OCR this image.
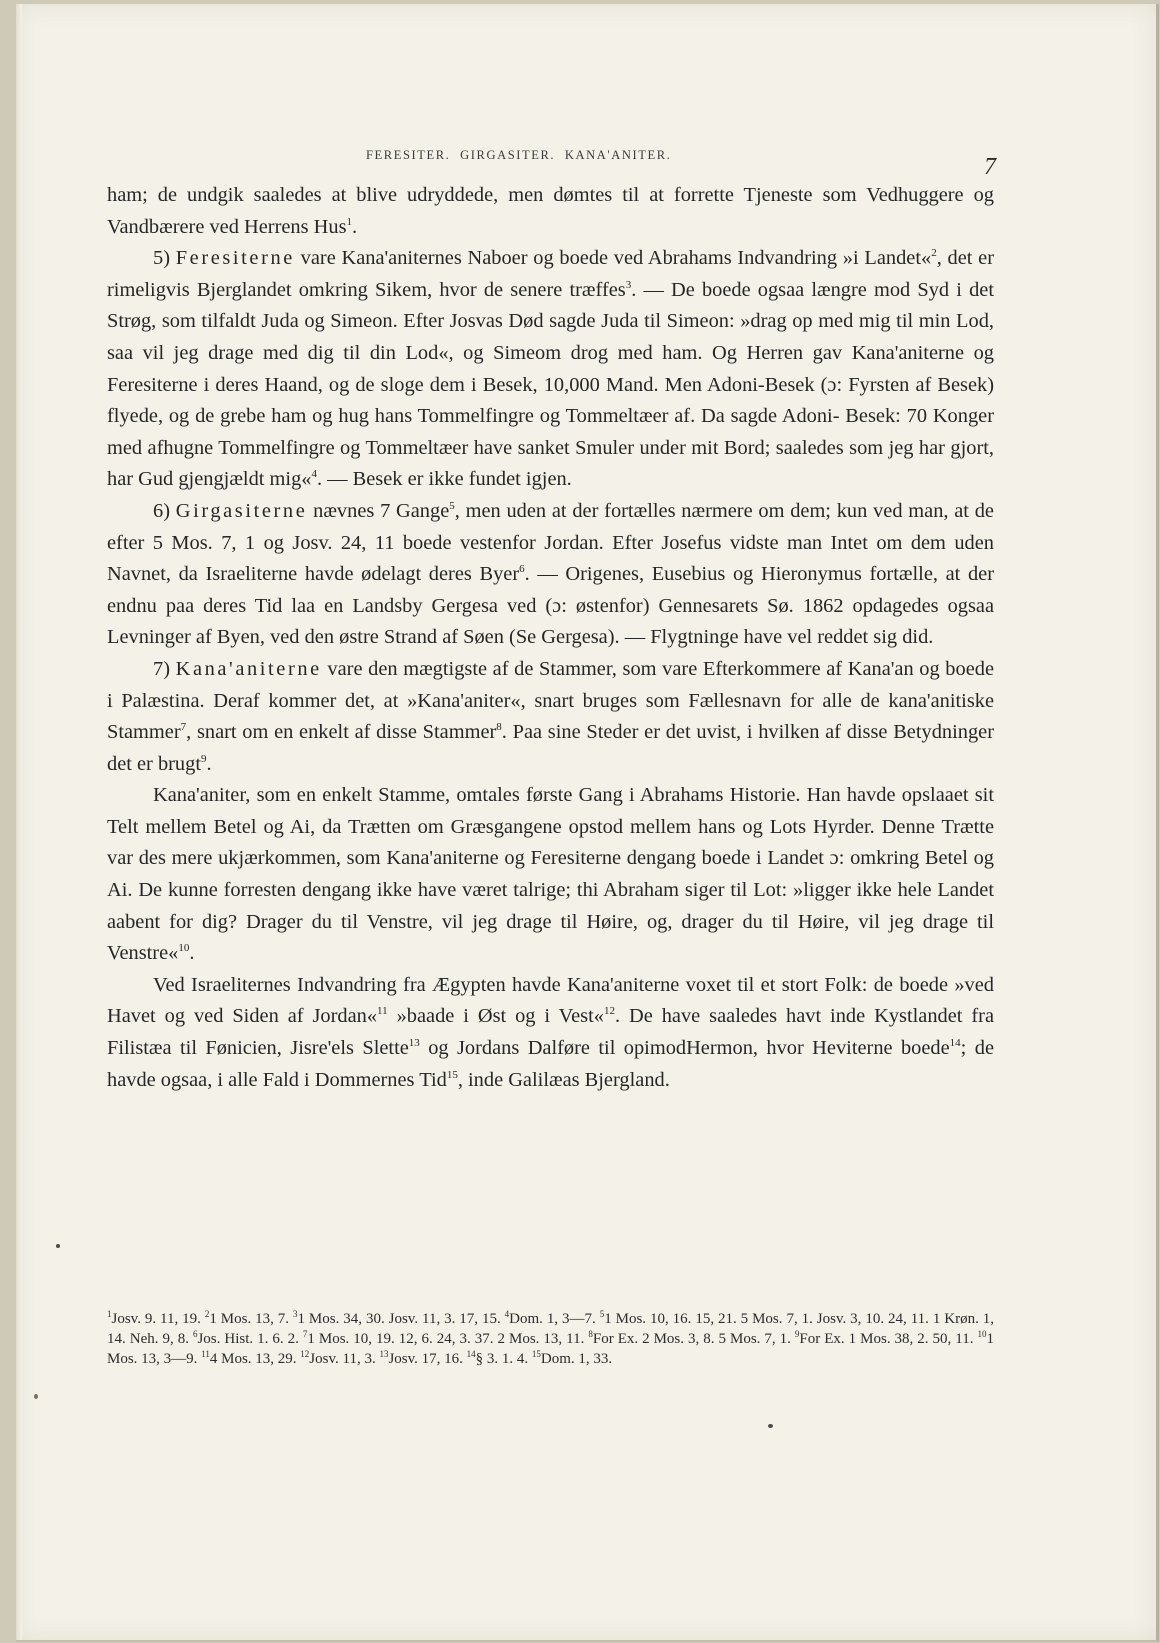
FERESITER. GIRGASITER. KANA'ANITER.	7

ham; de undgik saaledes at blive udryddede, men dømtes til at forrette Tjeneste som Vedhuggere og Vandbærere ved Herrens Hus$^1$.

5) Feresiterne vare Kana'aniternes Naboer og boede ved Abrahams Indvandring »i Landet«$^2$, det er rimeligvis Bjerglandet omkring Sikem, hvor de senere træffes$^3$. — De boede ogsaa længre mod Syd i det Strøg, som tilfaldt Juda og Simeon. Efter Josvas Død sagde Juda til Simeon: »drag op med mig til min Lod, saa vil jeg drage med dig til din Lod«, og Simeom drog med ham. Og Herren gav Kana'aniterne og Feresiterne i deres Haand, og de sloge dem i Besek, 10,000 Mand. Men Adoni-Besek (ɔ: Fyrsten af Besek) flyede, og de grebe ham og hug hans Tommelfingre og Tommeltæer af. Da sagde Adoni- Besek: 70 Konger med afhugne Tommelfingre og Tommeltæer have sanket Smuler under mit Bord; saaledes som jeg har gjort, har Gud gjengjældt mig«$^4$. — Besek er ikke fundet igjen.

6) Girgasiterne nævnes 7 Gange$^5$, men uden at der fortælles nærmere om dem; kun ved man, at de efter 5 Mos. 7, 1 og Josv. 24, 11 boede vestenfor Jordan. Efter Josefus vidste man Intet om dem uden Navnet, da Israeliterne havde ødelagt deres Byer$^6$. — Origenes, Eusebius og Hieronymus fortælle, at der endnu paa deres Tid laa en Landsby Gergesa ved (ɔ: østenfor) Gennesarets Sø. 1862 opdagedes ogsaa Levninger af Byen, ved den østre Strand af Søen (Se Gergesa). — Flygtninge have vel reddet sig did.

7) Kana'aniterne vare den mægtigste af de Stammer, som vare Efterkommere af Kana'an og boede i Palæstina. Deraf kommer det, at »Kana'aniter«, snart bruges som Fællesnavn for alle de kana'anitiske Stammer$^7$, snart om en enkelt af disse Stammer$^8$. Paa sine Steder er det uvist, i hvilken af disse Betydninger det er brugt$^9$.

Kana'aniter, som en enkelt Stamme, omtales første Gang i Abrahams Historie. Han havde opslaaet sit Telt mellem Betel og Ai, da Trætten om Græsgangene opstod mellem hans og Lots Hyrder. Denne Trætte var des mere ukjærkommen, som Kana'aniterne og Feresiterne dengang boede i Landet ɔ: omkring Betel og Ai. De kunne forresten dengang ikke have været talrige; thi Abraham siger til Lot: »ligger ikke hele Landet aabent for dig? Drager du til Venstre, vil jeg drage til Høire, og, drager du til Høire, vil jeg drage til Venstre«$^{10}$.

Ved Israeliternes Indvandring fra Ægypten havde Kana'aniterne voxet til et stort Folk: de boede »ved Havet og ved Siden af Jordan«$^{11}$ »baade i Øst og i Vest«$^{12}$. De have saaledes havt inde Kystlandet fra Filistæa til Fønicien, Jisre'els Slette$^{13}$ og Jordans Dalføre til opimodHermon, hvor Heviterne boede$^{14}$; de havde ogsaa, i alle Fald i Dommernes Tid$^{15}$, inde Galilæas Bjergland.

$^1$Josv. 9. 11, 19. $^2$1 Mos. 13, 7. $^3$1 Mos. 34, 30. Josv. 11, 3. 17, 15. $^4$Dom. 1, 3—7. $^5$1 Mos. 10, 16. 15, 21. 5 Mos. 7, 1. Josv. 3, 10. 24, 11. 1 Krøn. 1, 14. Neh. 9, 8. $^6$Jos. Hist. 1. 6. 2. $^7$1 Mos. 10, 19. 12, 6. 24, 3. 37. 2 Mos. 13, 11. $^8$For Ex. 2 Mos. 3, 8. 5 Mos. 7, 1. $^9$For Ex. 1 Mos. 38, 2. 50, 11. $^{10}$1 Mos. 13, 3—9. $^{11}$4 Mos. 13, 29. $^{12}$Josv. 11, 3. $^{13}$Josv. 17, 16. $^{14}$§ 3. 1. 4. $^{15}$Dom. 1, 33.
